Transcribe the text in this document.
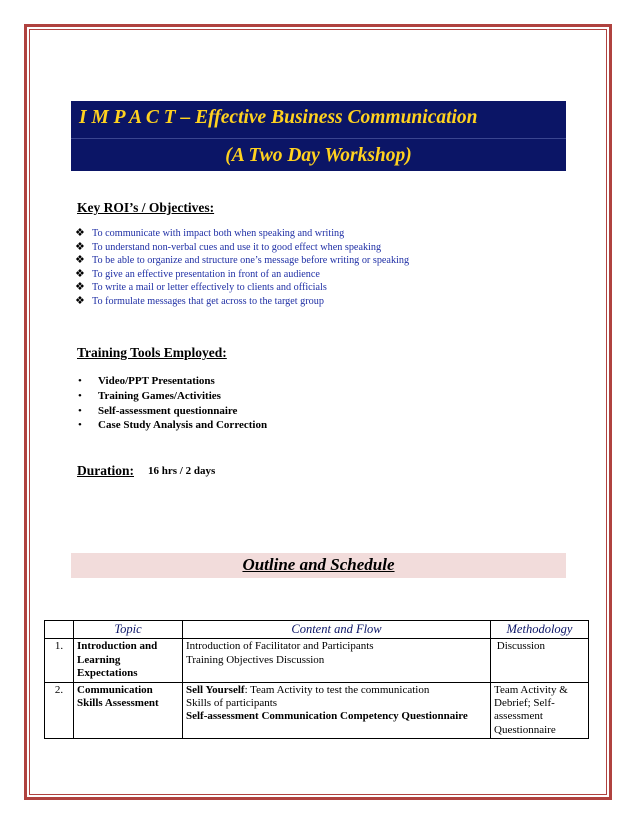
I M P A C T – Effective Business Communication
(A Two Day Workshop)
Key ROI’s / Objectives:
❖ To communicate with impact both when speaking and writing
❖ To understand non-verbal cues and use it to good effect when speaking
❖ To be able to organize and structure one’s message before writing or speaking
❖ To give an effective presentation in front of an audience
❖ To write a mail or letter effectively to clients and officials
❖ To formulate messages that get across to the target group
Training Tools Employed:
• Video/PPT Presentations
• Training Games/Activities
• Self-assessment questionnaire
• Case Study Analysis and Correction
Duration: 16 hrs / 2 days
Outline and Schedule
	Topic	Content and Flow	Methodology
1.	Introduction and Learning Expectations	Introduction of Facilitator and Participants
Training Objectives Discussion	Discussion
2.	Communication Skills Assessment	Sell Yourself: Team Activity to test the communication
Skills of participants
Self-assessment Communication Competency Questionnaire	Team Activity & Debrief; Self-assessment Questionnaire
